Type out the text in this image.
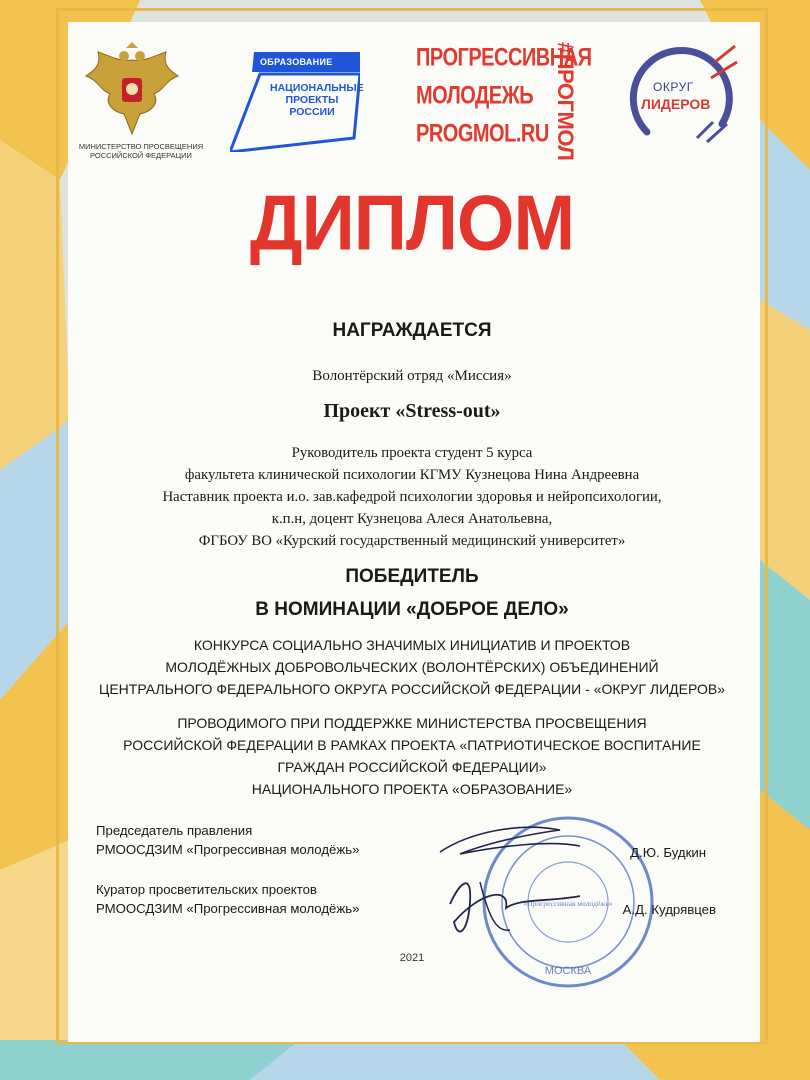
МИНИСТЕРСТВО ПРОСВЕЩЕНИЯ РОССИЙСКОЙ ФЕДЕРАЦИИ
ОБРАЗОВАНИЕ
НАЦИОНАЛЬНЫЕ ПРОЕКТЫ РОССИИ
ПРОГРЕССИВНАЯ
МОЛОДЕЖЬ
PROGMOL.RU #ПРОГМОЛ	ОКРУГ
ЛИДЕРОВ
ДИПЛОМ
НАГРАЖДАЕТСЯ
Волонтёрский отряд «Миссия»
Проект «Stress-out»
Руководитель проекта студент 5 курса
факультета клинической психологии КГМУ Кузнецова Нина Андреевна
Наставник проекта и.о. зав.кафедрой психологии здоровья и нейропсихологии,
к.п.н, доцент Кузнецова Алеся Анатольевна,
ФГБОУ ВО «Курский государственный медицинский университет»
ПОБЕДИТЕЛЬ
В НОМИНАЦИИ «ДОБРОЕ ДЕЛО»
КОНКУРСА СОЦИАЛЬНО ЗНАЧИМЫХ ИНИЦИАТИВ И ПРОЕКТОВ
МОЛОДЁЖНЫХ ДОБРОВОЛЬЧЕСКИХ (ВОЛОНТЁРСКИХ) ОБЪЕДИНЕНИЙ
ЦЕНТРАЛЬНОГО ФЕДЕРАЛЬНОГО ОКРУГА РОССИЙСКОЙ ФЕДЕРАЦИИ - «ОКРУГ ЛИДЕРОВ»
ПРОВОДИМОГО ПРИ ПОДДЕРЖКЕ МИНИСТЕРСТВА ПРОСВЕЩЕНИЯ
РОССИЙСКОЙ ФЕДЕРАЦИИ В РАМКАХ ПРОЕКТА «ПАТРИОТИЧЕСКОЕ ВОСПИТАНИЕ
ГРАЖДАН РОССИЙСКОЙ ФЕДЕРАЦИИ»
НАЦИОНАЛЬНОГО ПРОЕКТА «ОБРАЗОВАНИЕ»
МОСКВА
«Прогрессивная молодёжь»
Председатель правления
РМООСДЗИМ «Прогрессивная молодёжь»	Д.Ю. Будкин
Куратор просветительских проектов
РМООСДЗИМ «Прогрессивная молодёжь»	А.Д. Кудрявцев
2021
